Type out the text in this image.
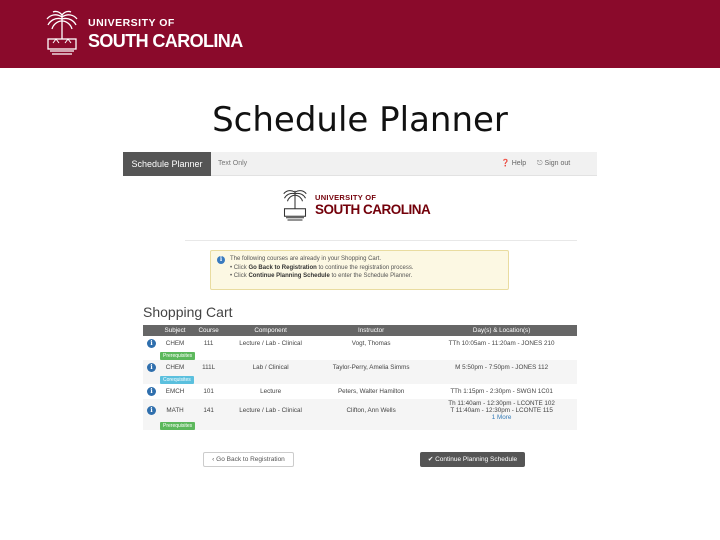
UNIVERSITY OF
SOUTH CAROLINA
Schedule Planner
Schedule Planner	Text Only	❓ Help ⎋ Sign out
UNIVERSITY OF
SOUTH CAROLINA
i	The following courses are already in your Shopping Cart.
• Click Go Back to Registration to continue the registration process.
• Click Continue Planning Schedule to enter the Schedule Planner.
Shopping Cart
	Subject	Course	Component	Instructor	Day(s) & Location(s)
i	CHEM	111	Lecture / Lab - Clinical	Vogt, Thomas	TTh 10:05am - 11:20am - JONES 210
Prerequisites					
i	CHEM	111L	Lab / Clinical	Taylor-Perry, Amelia Simms	M 5:50pm - 7:50pm - JONES 112
Corequisites					
i	EMCH	101	Lecture	Peters, Walter Hamilton	TTh 1:15pm - 2:30pm - SWGN 1C01
i	MATH	141	Lecture / Lab - Clinical	Clifton, Ann Wells	Th 11:40am - 12:30pm - LCONTE 102
T 11:40am - 12:30pm - LCONTE 115
1 More

Prerequisites					
‹ Go Back to Registration	✔ Continue Planning Schedule
